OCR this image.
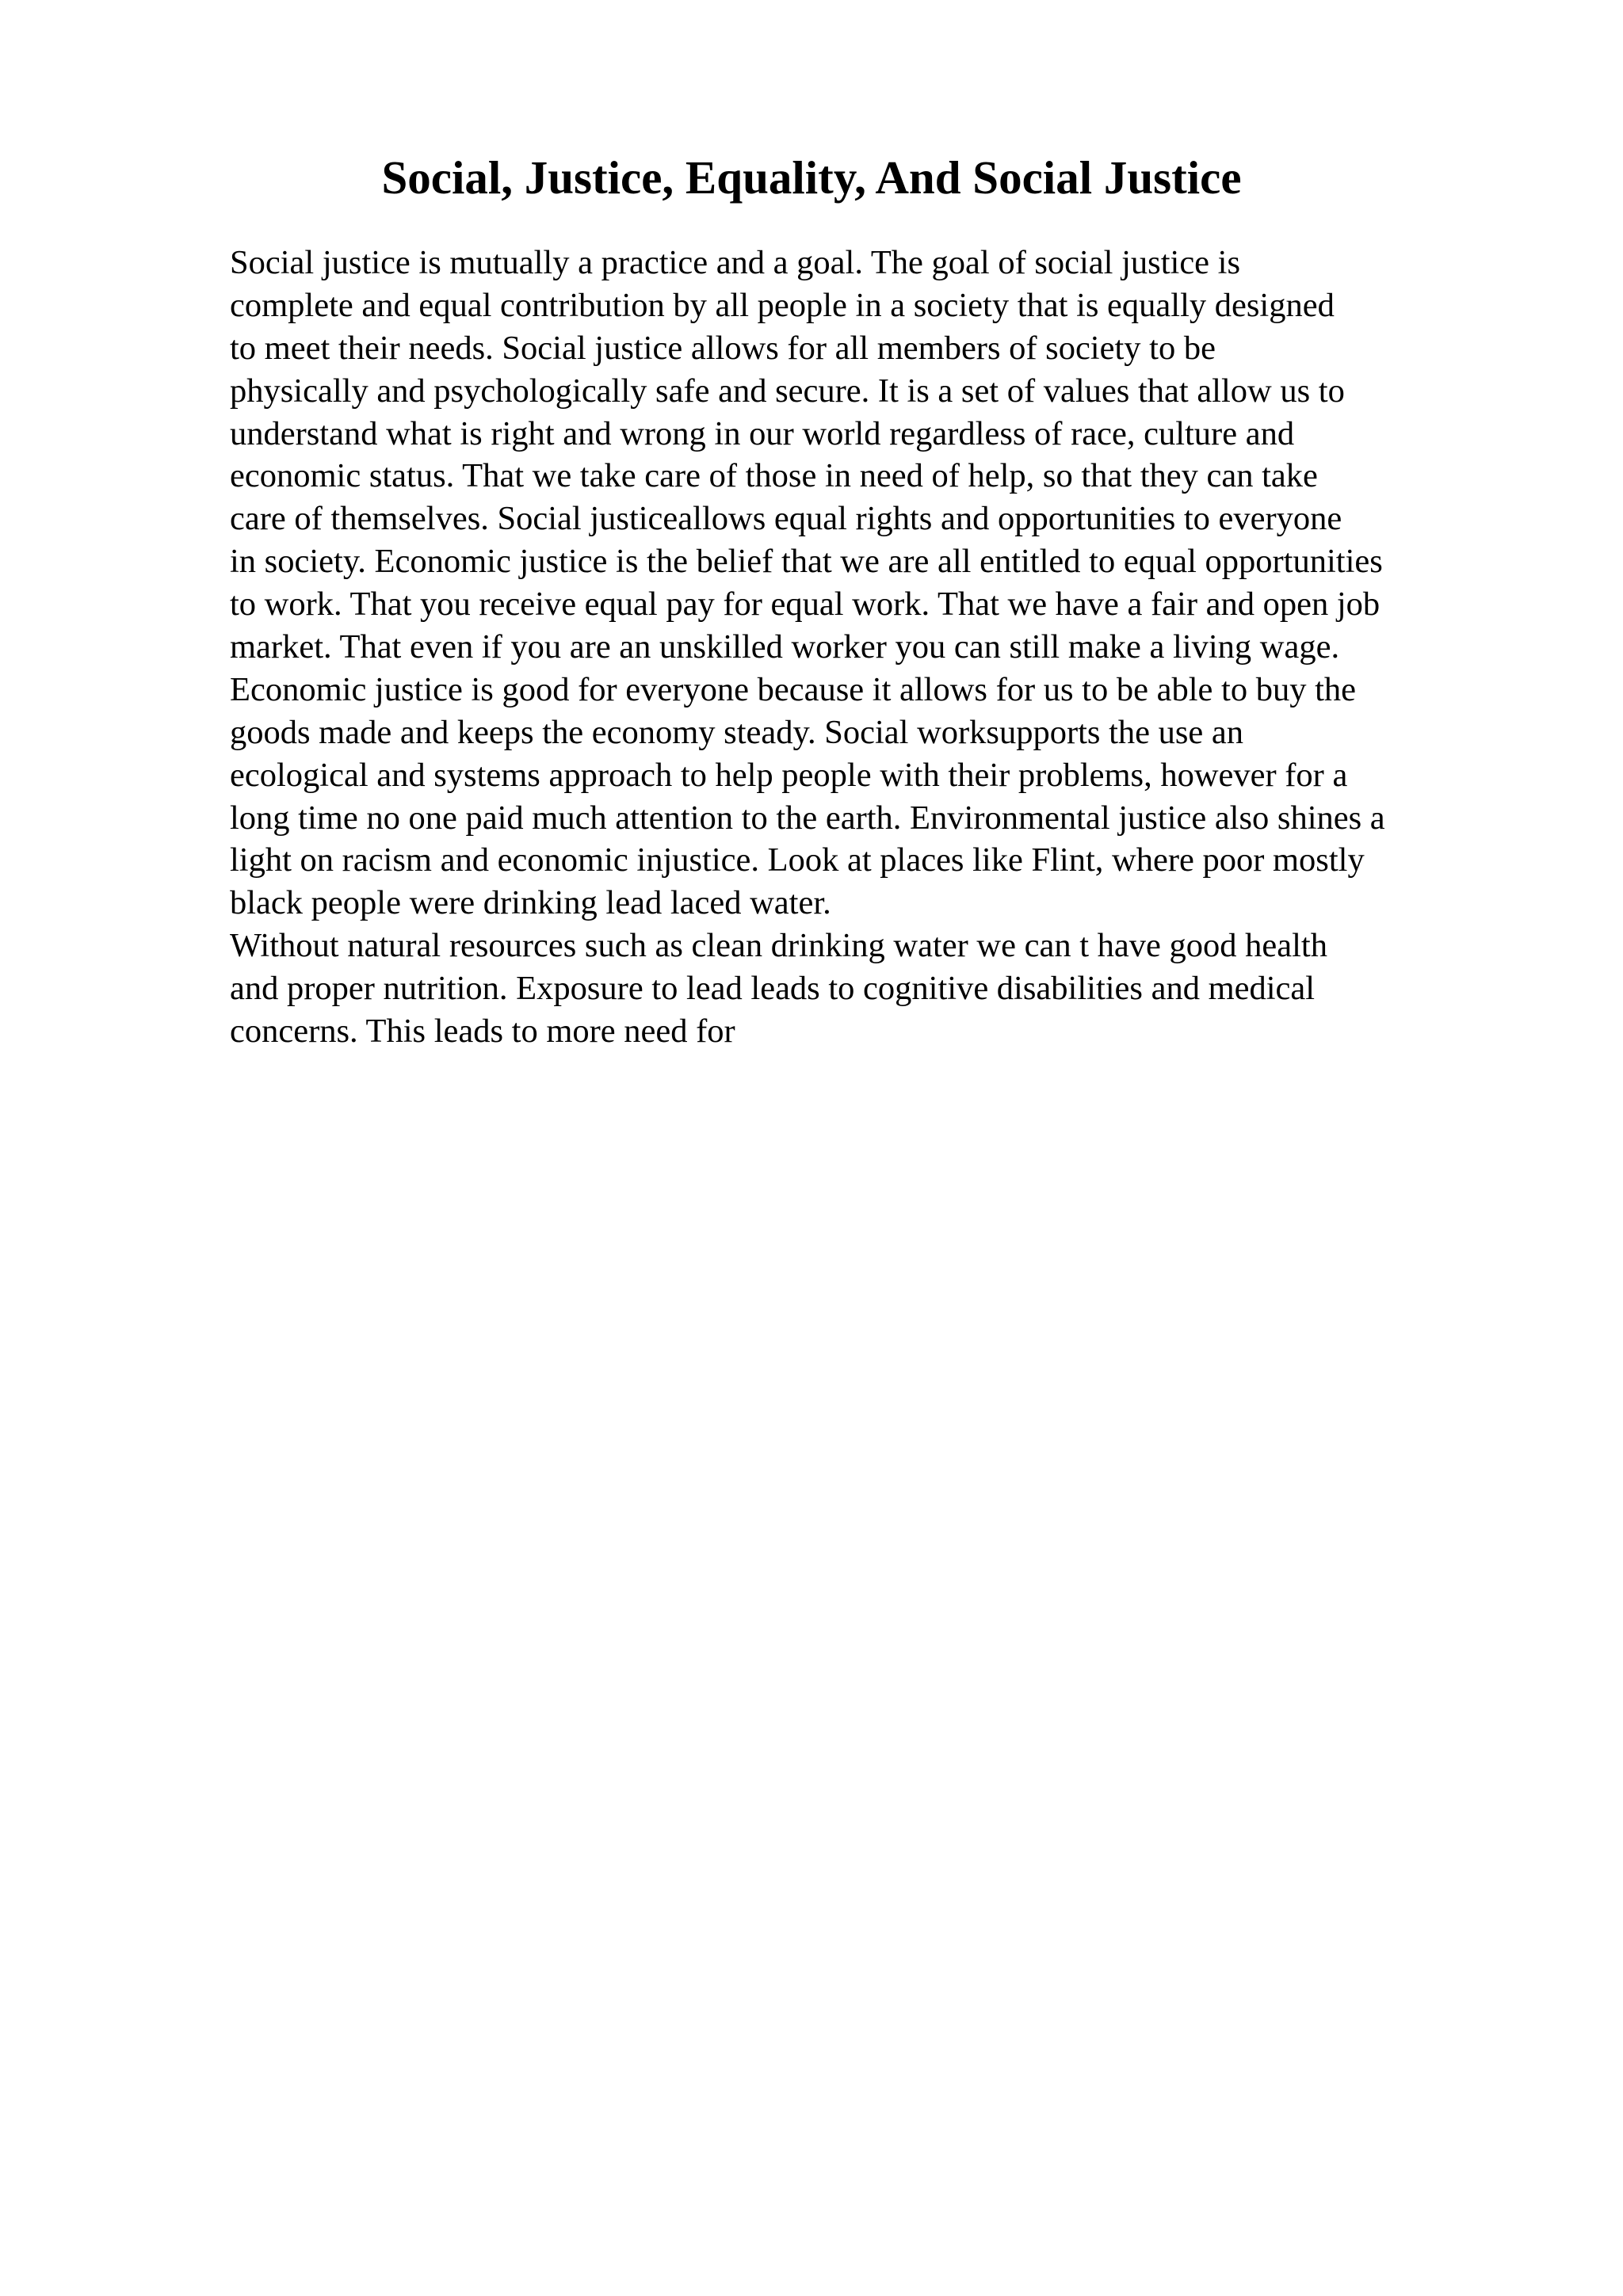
Social, Justice, Equality, And Social Justice
Social justice is mutually a practice and a goal. The goal of social justice is
complete and equal contribution by all people in a society that is equally designed
to meet their needs. Social justice allows for all members of society to be
physically and psychologically safe and secure. It is a set of values that allow us to
understand what is right and wrong in our world regardless of race, culture and
economic status. That we take care of those in need of help, so that they can take
care of themselves. Social justiceallows equal rights and opportunities to everyone
in society. Economic justice is the belief that we are all entitled to equal opportunities
to work. That you receive equal pay for equal work. That we have a fair and open job
market. That even if you are an unskilled worker you can still make a living wage.
Economic justice is good for everyone because it allows for us to be able to buy the
goods made and keeps the economy steady. Social worksupports the use an
ecological and systems approach to help people with their problems, however for a
long time no one paid much attention to the earth. Environmental justice also shines a
light on racism and economic injustice. Look at places like Flint, where poor mostly
black people were drinking lead laced water.
Without natural resources such as clean drinking water we can t have good health
and proper nutrition. Exposure to lead leads to cognitive disabilities and medical
concerns. This leads to more need for
